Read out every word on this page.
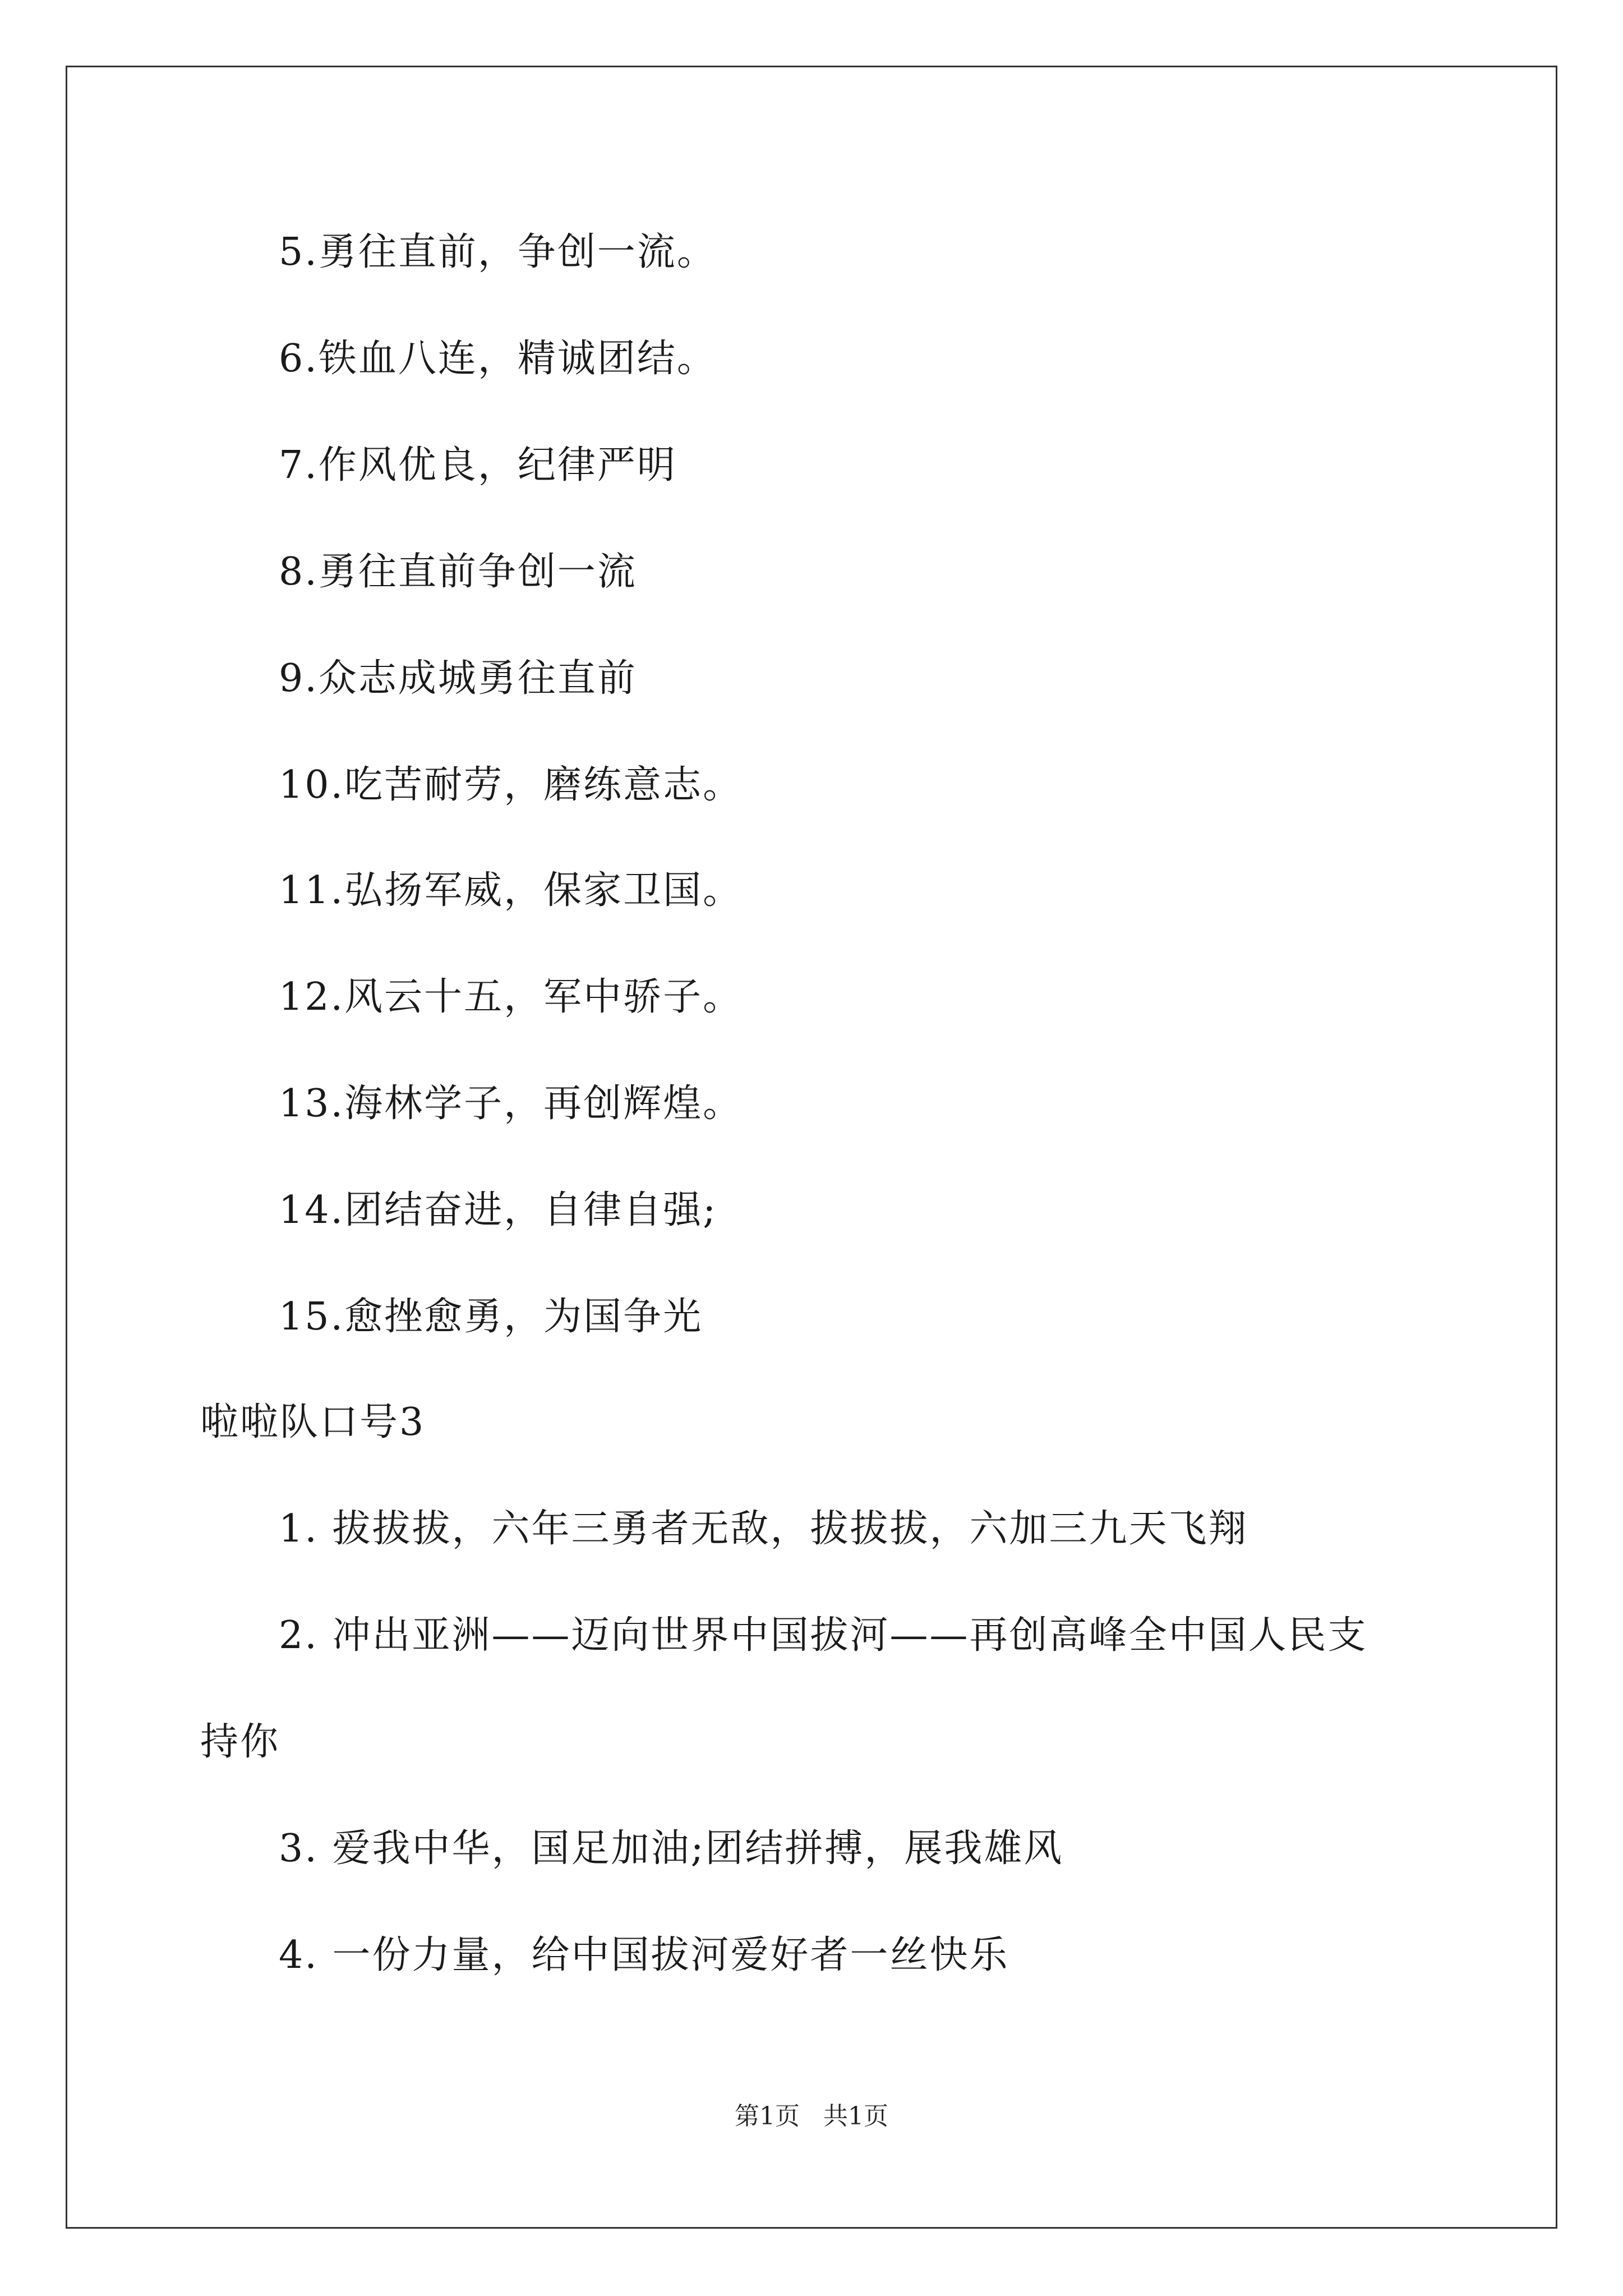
5.勇往直前，争创一流。
6.铁血八连，精诚团结。
7.作风优良，纪律严明
8.勇往直前争创一流
9.众志成城勇往直前
10.吃苦耐劳，磨练意志。
11.弘扬军威，保家卫国。
12.风云十五，军中骄子。
13.海林学子，再创辉煌。
14.团结奋进，自律自强;
15.愈挫愈勇，为国争光
啦啦队口号3
1. 拔拔拔，六年三勇者无敌，拔拔拔，六加三九天飞翔
2. 冲出亚洲——迈向世界中国拔河——再创高峰全中国人民支
持你
3. 爱我中华，国足加油;团结拼搏，展我雄风
4. 一份力量，给中国拔河爱好者一丝快乐
第1页 共1页
